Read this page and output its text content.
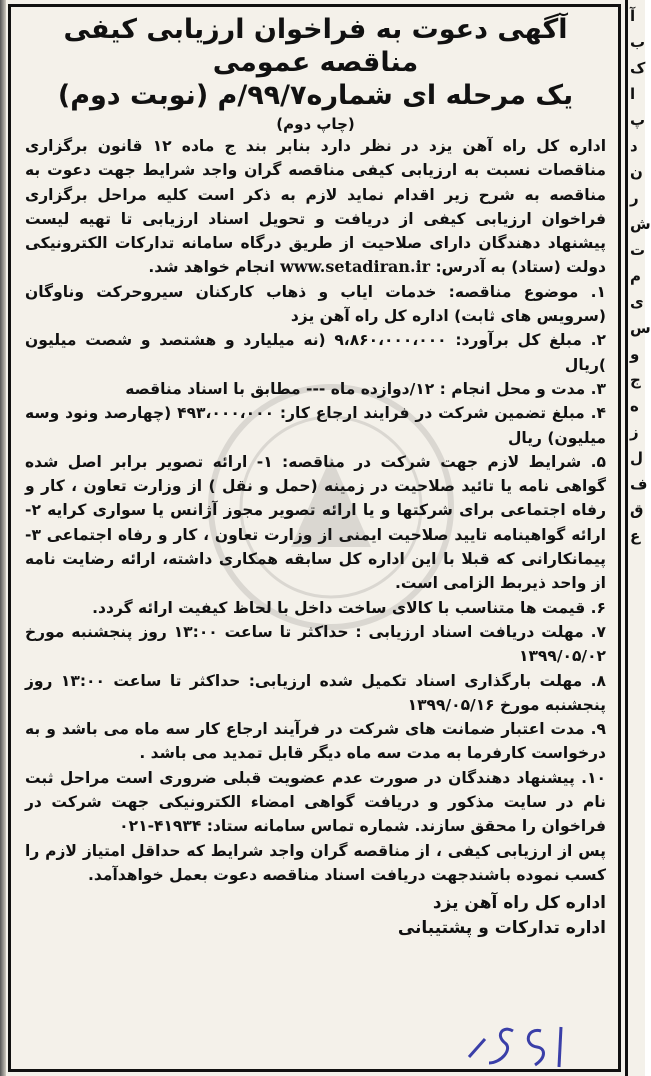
آگهی دعوت به فراخوان ارزیابی کیفی مناقصه عمومی
یک مرحله ای شماره۹۹/۷/م (نوبت دوم)
(چاپ دوم)

اداره کل راه آهن یزد در نظر دارد بنابر بند ج ماده ۱۲ قانون برگزاری مناقصات نسبت به ارزیابی کیفی مناقصه گران واجد شرایط جهت دعوت به مناقصه به شرح زیر اقدام نماید لازم به ذکر است کلیه مراحل برگزاری فراخوان ارزیابی کیفی از دریافت و تحویل اسناد ارزیابی تا تهیه لیست پیشنهاد دهندگان دارای صلاحیت از طریق درگاه سامانه تدارکات الکترونیکی دولت (ستاد) به آدرس: www.setadiran.ir انجام خواهد شد.

۱. موضوع مناقصه: خدمات ایاب و ذهاب کارکنان سیروحرکت وناوگان (سرویس های ثابت) اداره کل راه آهن یزد

۲. مبلغ کل برآورد: ۹،۸۶۰،۰۰۰،۰۰۰ (نه میلیارد و هشتصد و شصت میلیون )ریال

۳. مدت و محل انجام : ۱۲/دوازده ماه --- مطابق با اسناد مناقصه

۴. مبلغ تضمین شرکت در فرایند ارجاع کار: ۴۹۳،۰۰۰،۰۰۰ (چهارصد ونود وسه میلیون) ریال

۵. شرایط لازم جهت شرکت در مناقصه: ۱- ارائه تصویر برابر اصل شده گواهی نامه یا تائید صلاحیت در زمینه (حمل و نقل ) از وزارت تعاون ، کار و رفاه اجتماعی برای شرکتها و یا ارائه تصویر مجوز آژانس یا سواری کرایه ۲-ارائه گواهینامه تایید صلاحیت ایمنی از وزارت تعاون ، کار و رفاه اجتماعی ۳-پیمانکارانی که قبلا با این اداره کل سابقه همکاری داشته، ارائه رضایت نامه از واحد ذیربط الزامی است.

۶. قیمت ها متناسب با کالای ساخت داخل با لحاظ کیفیت ارائه گردد.

۷. مهلت دریافت اسناد ارزیابی : حداکثر تا ساعت ۱۳:۰۰ روز پنجشنبه مورخ ۱۳۹۹/۰۵/۰۲

۸. مهلت بارگذاری اسناد تکمیل شده ارزیابی: حداکثر تا ساعت ۱۳:۰۰ روز پنجشنبه مورخ ۱۳۹۹/۰۵/۱۶

۹. مدت اعتبار ضمانت های شرکت در فرآیند ارجاع کار سه ماه می باشد و به درخواست کارفرما به مدت سه ماه دیگر قابل تمدید می باشد .

۱۰. پیشنهاد دهندگان در صورت عدم عضویت قبلی ضروری است مراحل ثبت نام در سایت مذکور و دریافت گواهی امضاء الکترونیکی جهت شرکت در فراخوان را محقق سازند. شماره تماس سامانه ستاد: ۴۱۹۳۴-۰۲۱

پس از ارزیابی کیفی ، از مناقصه گران واجد شرایط که حداقل امتیاز لازم را کسب نموده باشندجهت دریافت اسناد مناقصه دعوت بعمل خواهدآمد.

اداره کل راه آهن یزد
اداره تدارکات و پشتیبانی
آ
ب
ک
ا
پ
د
ن
ر
ش
ت
م
ی
س
و
ج
ه
ز
ل
ف
ق
ع
